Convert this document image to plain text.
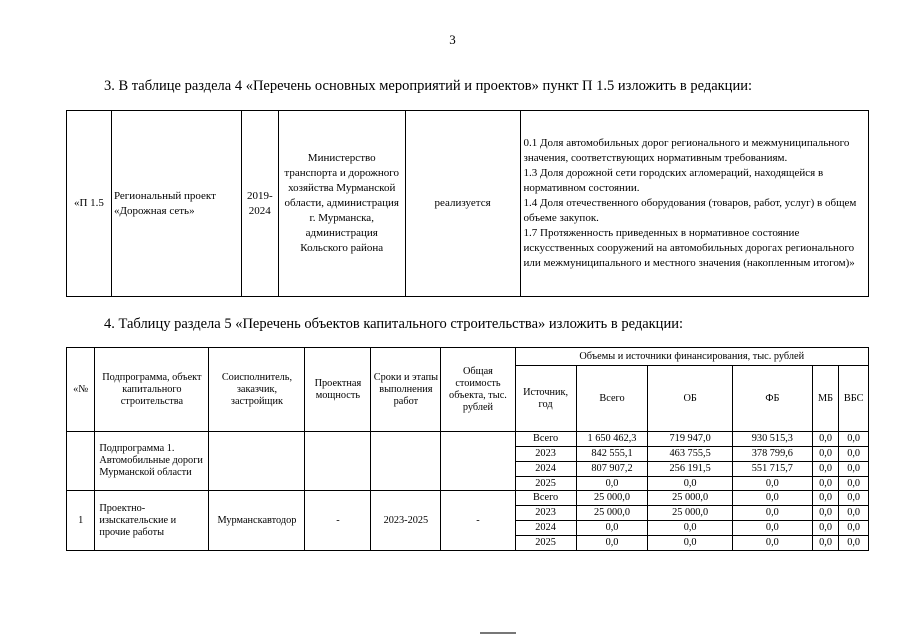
3
3. В таблице раздела 4 «Перечень основных мероприятий и проектов» пункт П 1.5 изложить в редакции:
«П 1.5	Региональный проект «Дорожная сеть»	2019-2024	Министерство транспорта и дорожного хозяйства Мурманской области, администрация г. Мурманска, администрация Кольского района	реализуется	
0.1 Доля автомобильных дорог регионального и межмуниципального значения, соответствующих нормативным требованиям.
1.3 Доля дорожной сети городских агломераций, находящейся в нормативном состоянии.
1.4 Доля отечественного оборудования (товаров, работ, услуг) в общем объеме закупок.
1.7 Протяженность приведенных в нормативное состояние искусственных сооружений на автомобильных дорогах регионального или межмуниципального и местного значения (накопленным итогом)»
4. Таблицу раздела 5 «Перечень объектов капитального строительства» изложить в редакции:
«№	Подпрограмма, объект капитального строительства	Соисполнитель, заказчик, застройщик	Проектная мощность	Сроки и этапы выполнения работ	Общая стоимость объекта, тыс. рублей	Объемы и источники финансирования, тыс. рублей					
						Источник, год	Всего	ОБ	ФБ	МБ	ВБС
	Подпрограмма 1. Автомобильные дороги Мурманской области					Всего	1 650 462,3	719 947,0	930 515,3	0,0	0,0
						2023	842 555,1	463 755,5	378 799,6	0,0	0,0
						2024	807 907,2	256 191,5	551 715,7	0,0	0,0
						2025	0,0	0,0	0,0	0,0	0,0
1	Проектно-изыскательские и прочие работы	Мурманскавтодор	-	2023-2025	-	Всего	25 000,0	25 000,0	0,0	0,0	0,0
						2023	25 000,0	25 000,0	0,0	0,0	0,0
						2024	0,0	0,0	0,0	0,0	0,0
						2025	0,0	0,0	0,0	0,0	0,0
